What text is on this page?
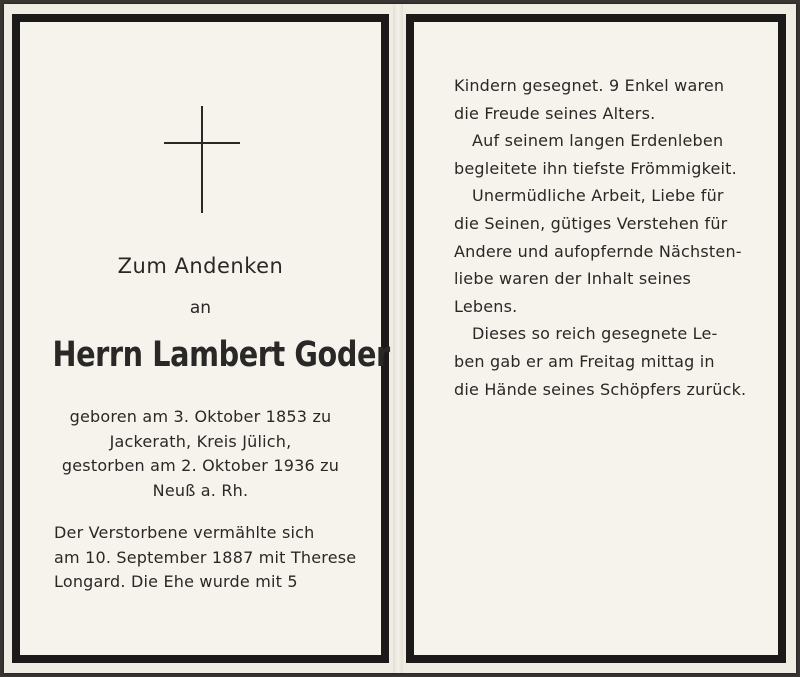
Zum Andenken
an
Herrn Lambert Goder
geboren am 3. Oktober 1853 zu
Jackerath, Kreis Jülich,
gestorben am 2. Oktober 1936 zu
Neuß a. Rh.
Der Verstorbene vermählte sich
am 10. September 1887 mit Therese
Longard. Die Ehe wurde mit 5
Kindern gesegnet. 9 Enkel waren
die Freude seines Alters.
Auf seinem langen Erdenleben
begleitete ihn tiefste Frömmigkeit.
Unermüdliche Arbeit, Liebe für
die Seinen, gütiges Verstehen für
Andere und aufopfernde Nächsten-
liebe waren der Inhalt seines
Lebens.
Dieses so reich gesegnete Le-
ben gab er am Freitag mittag in
die Hände seines Schöpfers zurück.
